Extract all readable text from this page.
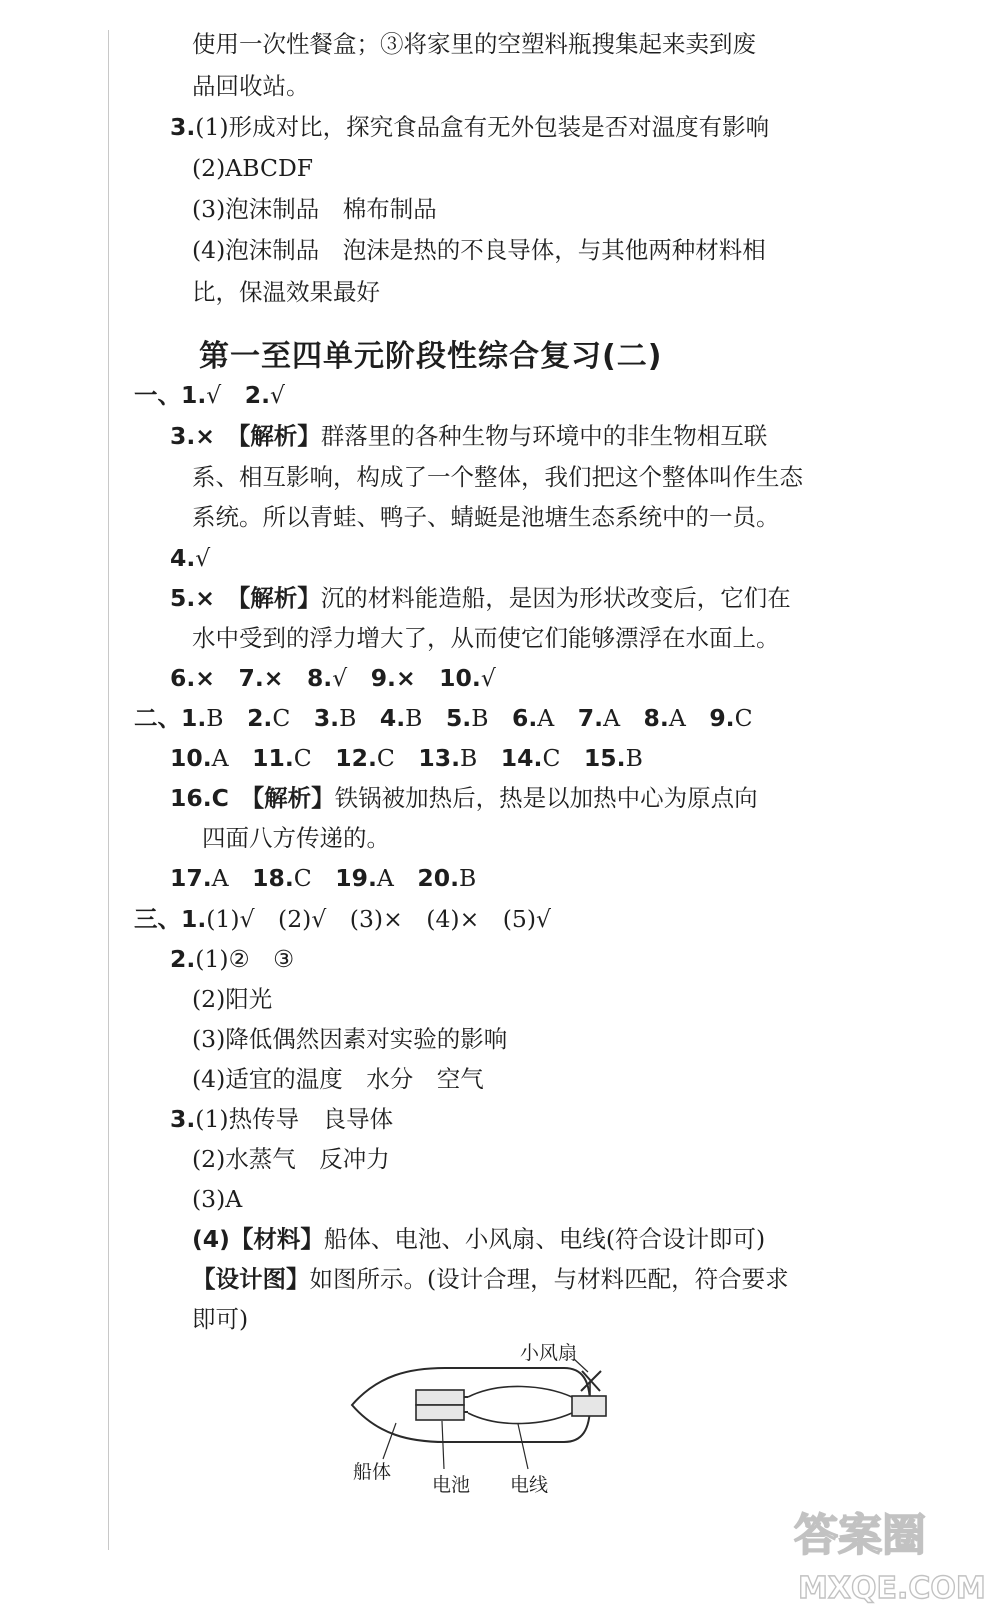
使用一次性餐盒；③将家里的空塑料瓶搜集起来卖到废
品回收站。
3.(1)形成对比，探究食品盒有无外包装是否对温度有影响
(2)ABCDF
(3)泡沫制品　棉布制品
(4)泡沫制品　泡沫是热的不良导体，与其他两种材料相
比，保温效果最好
第一至四单元阶段性综合复习(二)
一、1.√　2.√
3.×　【解析】群落里的各种生物与环境中的非生物相互联
系、相互影响，构成了一个整体，我们把这个整体叫作生态
系统。所以青蛙、鸭子、蜻蜓是池塘生态系统中的一员。
4.√
5.×　【解析】沉的材料能造船，是因为形状改变后，它们在
水中受到的浮力增大了，从而使它们能够漂浮在水面上。
6.×　7.×　8.√　9.×　10.√
二、1.B　2.C　3.B　4.B　5.B　6.A　7.A　8.A　9.C
10.A　11.C　12.C　13.B　14.C　15.B
16.C　【解析】铁锅被加热后，热是以加热中心为原点向
四面八方传递的。
17.A　18.C　19.A　20.B
三、1.(1)√　(2)√　(3)×　(4)×　(5)√
2.(1)②　③
(2)阳光
(3)降低偶然因素对实验的影响
(4)适宜的温度　水分　空气
3.(1)热传导　良导体
(2)水蒸气　反冲力
(3)A
(4)【材料】船体、电池、小风扇、电线(符合设计即可)
【设计图】如图所示。(设计合理，与材料匹配，符合要求
即可)
小风扇
船体
电池 电线
答案圈
MXQE.COM
